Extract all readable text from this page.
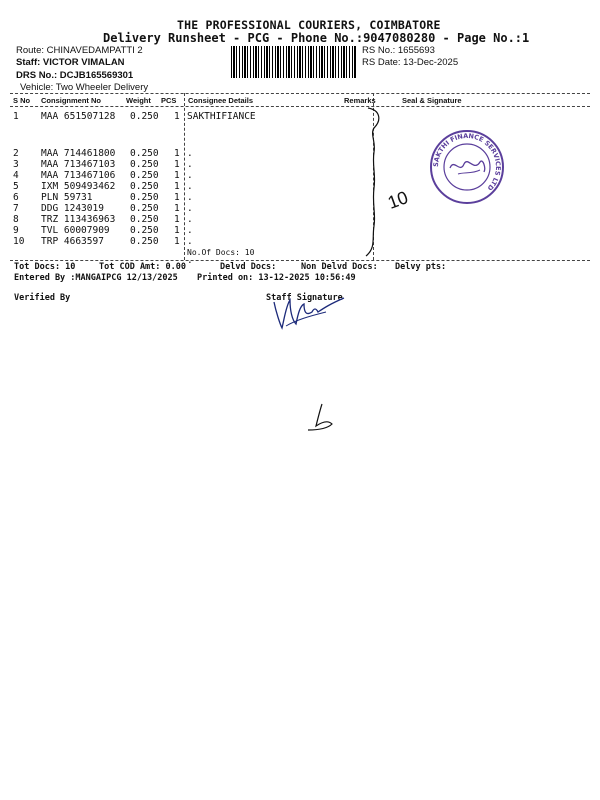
THE PROFESSIONAL COURIERS, COIMBATORE
Delivery Runsheet - PCG - Phone No.:9047080280 - Page No.:1
Route: CHINAVEDAMPATTI 2
Staff: VICTOR VIMALAN
DRS No.: DCJB165569301
Vehicle: Two Wheeler Delivery
RS No.: 1655693
RS Date: 13-Dec-2025
S No Consignment No	Weight PCS Consignee Details	Remarks	Seal & Signature
1 MAA 651507128 0.250 1 SAKTHIFIANCE
2 MAA 714461800 0.250 1 .
3 MAA 713467103 0.250 1 .
4 MAA 713467106 0.250 1 .
5 IXM 509493462 0.250 1 .
6 PLN 59731	0.250 1 .
7 DDG 1243019	0.250 1 .
8 TRZ 113436963 0.250 1 .
9 TVL 60007909 0.250 1 .
10 TRP 4663597	0.250 1 .
No.Of Docs: 10
.
Tot Docs: 10	Tot COD Amt: 0.00	Delvd Docs:	Non Delvd Docs: Delvy pts:
Entered By :MANGAIPCG 12/13/2025 Printed on: 13-12-2025 10:56:49
Verified By	Staff Signature
10
SAKTHI FINANCE SERVICES LTD
